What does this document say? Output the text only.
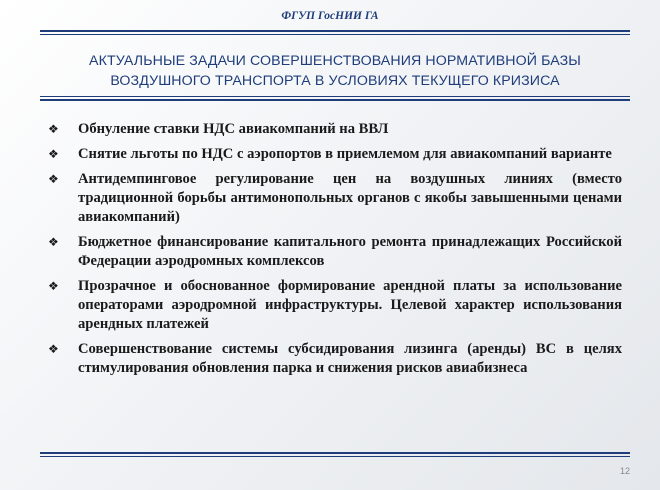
ФГУП ГосНИИ ГА
АКТУАЛЬНЫЕ ЗАДАЧИ СОВЕРШЕНСТВОВАНИЯ НОРМАТИВНОЙ БАЗЫ
ВОЗДУШНОГО ТРАНСПОРТА В УСЛОВИЯХ ТЕКУЩЕГО КРИЗИСА
❖	Обнуление ставки НДС авиакомпаний на ВВЛ
❖	Снятие льготы по НДС с аэропортов в приемлемом для авиакомпаний варианте
❖	Антидемпинговое регулирование цен на воздушных линиях (вместо традиционной борьбы антимонопольных органов с якобы завышенными ценами авиакомпаний)
❖	Бюджетное финансирование капитального ремонта принадлежащих Российской Федерации аэродромных комплексов
❖	Прозрачное и обоснованное формирование арендной платы за использование операторами аэродромной инфраструктуры. Целевой характер использования арендных платежей
❖	Совершенствование системы субсидирования лизинга (аренды) ВС в целях стимулирования обновления парка и снижения рисков авиабизнеса
12
